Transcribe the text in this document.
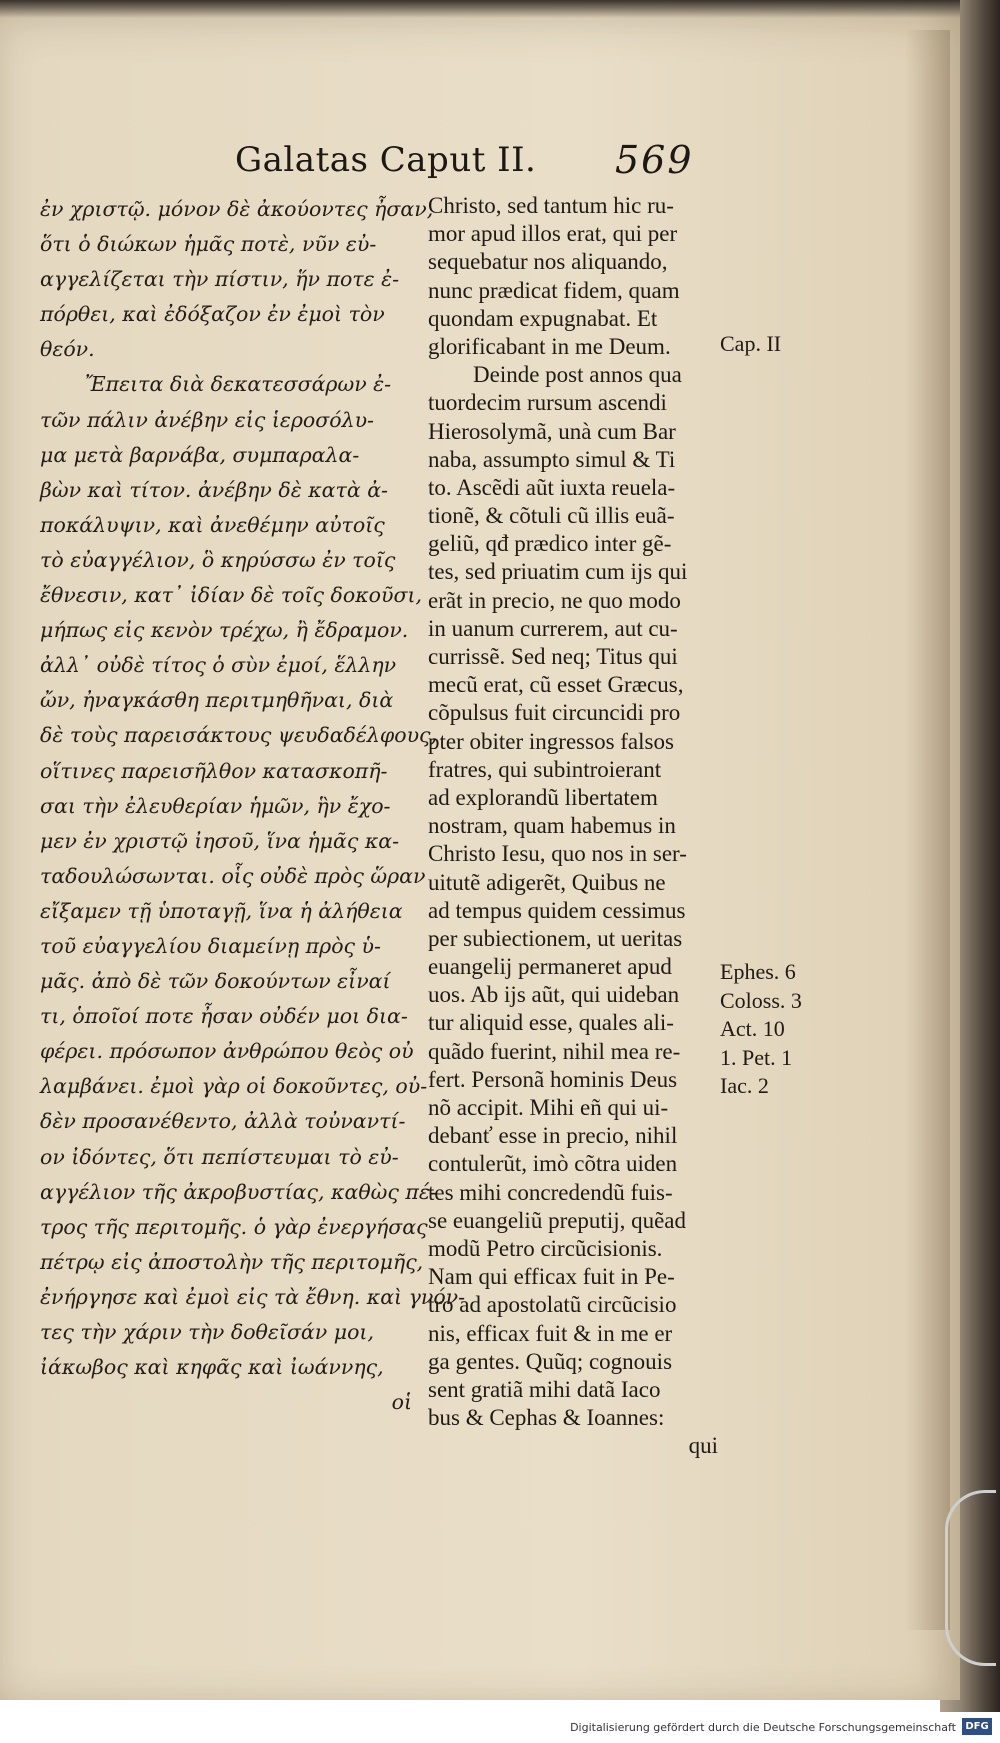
Galatas Caput II. 569
ἐν χριστῷ. μόνον δὲ ἀκούοντες ἦσαν,
ὅτι ὁ διώκων ἡμᾶς ποτὲ, νῦν εὐ-
αγγελίζεται τὴν πίστιν, ἥν ποτε ἐ-
πόρθει, καὶ ἐδόξαζον ἐν ἐμοὶ τὸν
θεόν.
Ἔπειτα διὰ δεκατεσσάρων ἐ-
τῶν πάλιν ἀνέβην εἰς ἱεροσόλυ-
μα μετὰ βαρνάβα, συμπαραλα-
βὼν καὶ τίτον. ἀνέβην δὲ κατὰ ἀ-
ποκάλυψιν, καὶ ἀνεθέμην αὐτοῖς
τὸ εὐαγγέλιον, ὃ κηρύσσω ἐν τοῖς
ἔθνεσιν, κατ᾿ ἰδίαν δὲ τοῖς δοκοῦσι,
μήπως εἰς κενὸν τρέχω, ἢ ἔδραμον.
ἀλλ᾿ οὐδὲ τίτος ὁ σὺν ἐμοί, ἕλλην
ὤν, ἠναγκάσθη περιτμηθῆναι, διὰ
δὲ τοὺς παρεισάκτους ψευδαδέλφους,
οἵτινες παρεισῆλθον κατασκοπῆ-
σαι τὴν ἐλευθερίαν ἡμῶν, ἣν ἔχο-
μεν ἐν χριστῷ ἰησοῦ, ἵνα ἡμᾶς κα-
ταδουλώσωνται. οἷς οὐδὲ πρὸς ὥραν
εἴξαμεν τῇ ὑποταγῇ, ἵνα ἡ ἀλήθεια
τοῦ εὐαγγελίου διαμείνῃ πρὸς ὑ-
μᾶς. ἀπὸ δὲ τῶν δοκούντων εἶναί
τι, ὁποῖοί ποτε ἦσαν οὐδέν μοι δια-
φέρει. πρόσωπον ἀνθρώπου θεὸς οὐ
λαμβάνει. ἐμοὶ γὰρ οἱ δοκοῦντες, οὐ-
δὲν προσανέθεντο, ἀλλὰ τοὐναντί-
ον ἰδόντες, ὅτι πεπίστευμαι τὸ εὐ-
αγγέλιον τῆς ἀκροβυστίας, καθὼς πέ-
τρος τῆς περιτομῆς. ὁ γὰρ ἐνεργήσας
πέτρῳ εἰς ἀποστολὴν τῆς περιτομῆς,
ἐνήργησε καὶ ἐμοὶ εἰς τὰ ἔθνη. καὶ γνόν-
τες τὴν χάριν τὴν δοθεῖσάν μοι,
ἰάκωβος καὶ κηφᾶς καὶ ἰωάννης,
οἱ
Christo, sed tantum hic ru-
mor apud illos erat, qui per
sequebatur nos aliquando,
nunc prædicat fidem, quam
quondam expugnabat. Et
glorificabant in me Deum.
Deinde post annos qua
tuordecim rursum ascendi
Hierosolymã, unà cum Bar
naba, assumpto simul & Ti
to. Ascẽdi aũt iuxta reuela-
tionẽ, & cõtuli cũ illis euã-
geliũ, qđ prædico inter gẽ-
tes, sed priuatim cum ijs qui
erãt in precio, ne quo modo
in uanum currerem, aut cu-
currissẽ. Sed neq; Titus qui
mecũ erat, cũ esset Græcus,
cõpulsus fuit circuncidi pro
pter obiter ingressos falsos
fratres, qui subintroierant
ad explorandũ libertatem
nostram, quam habemus in
Christo Iesu, quo nos in ser-
uitutẽ adigerẽt, Quibus ne
ad tempus quidem cessimus
per subiectionem, ut ueritas
euangelij permaneret apud
uos. Ab ijs aũt, qui uideban
tur aliquid esse, quales ali-
quãdo fuerint, nihil mea re-
fert. Personã hominis Deus
nõ accipit. Mihi eñ qui ui-
debanť esse in precio, nihil
contulerũt, imò cõtra uiden
tes mihi concredendũ fuis-
se euangeliũ preputij, quẽad
modũ Petro circũcisionis.
Nam qui efficax fuit in Pe-
tro ad apostolatũ circũcisio
nis, efficax fuit & in me er
ga gentes. Quũq; cognouis
sent gratiã mihi datã Iaco
bus & Cephas & Ioannes:
qui
Cap. II
Ephes. 6
Coloss. 3
Act. 10
1. Pet. 1
Iac. 2
Digitalisierung gefördert durch die Deutsche Forschungsgemeinschaft DFG
